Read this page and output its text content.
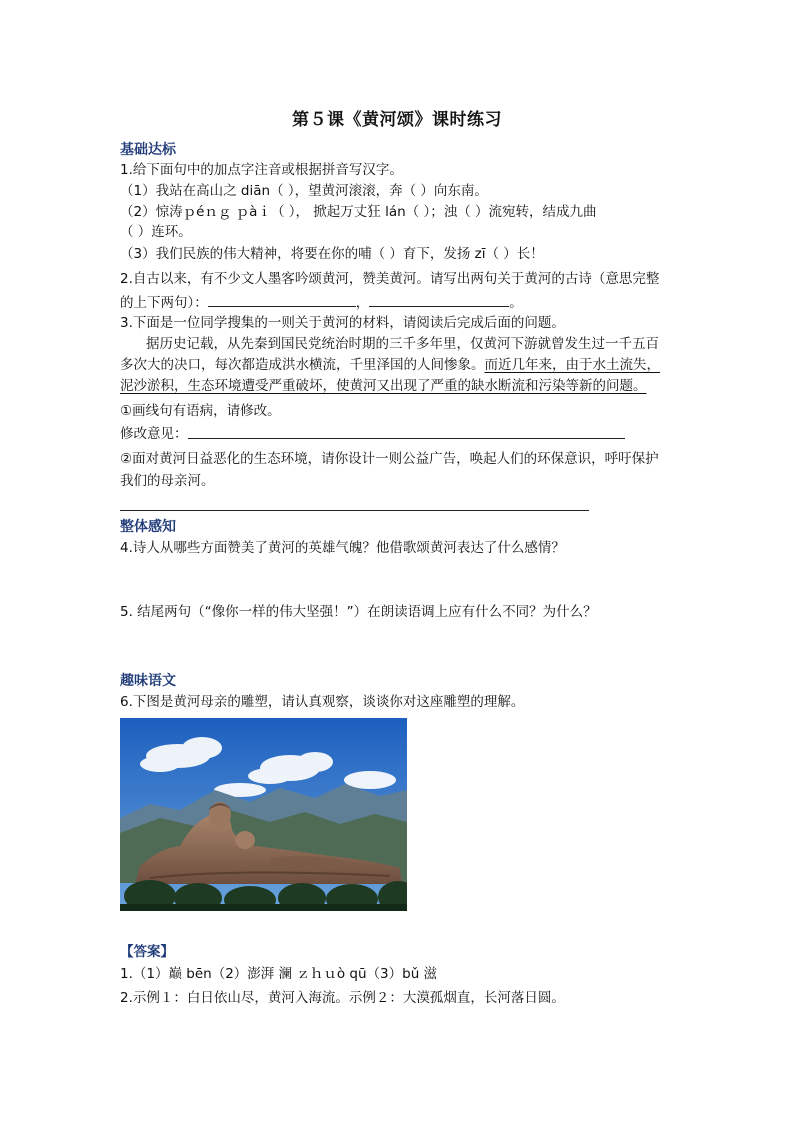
第５课《黄河颂》课时练习
基础达标
1.给下面句中的加点字注音或根据拼音写汉字。
（1）我站在高山之 diān（ ），望黄河滚滚，奔（ ）向东南。
（2）惊涛ｐéｎｇ ｐàｉ（ ）， 掀起万丈狂 lán（ ）；浊（ ）流宛转，结成九曲
（ ）连环。
（3）我们民族的伟大精神，将要在你的哺（ ）育下，发扬 zī（ ）长！
2.自古以来，有不少文人墨客吟颂黄河，赞美黄河。请写出两句关于黄河的古诗（意思完整
的上下两句）：	，	。
3.下面是一位同学搜集的一则关于黄河的材料，请阅读后完成后面的问题。
据历史记载，从先秦到国民党统治时期的三千多年里，仅黄河下游就曾发生过一千五百
多次大的决口，每次都造成洪水横流，千里泽国的人间惨象。而近几年来，由于水土流失，
泥沙淤积，生态环境遭受严重破坏，使黄河又出现了严重的缺水断流和污染等新的问题。
①画线句有语病，请修改。
修改意见：
②面对黄河日益恶化的生态环境，请你设计一则公益广告，唤起人们的环保意识，呼吁保护
我们的母亲河。
整体感知
4.诗人从哪些方面赞美了黄河的英雄气魄？他借歌颂黄河表达了什么感情？
5. 结尾两句（“像你一样的伟大坚强！”）在朗读语调上应有什么不同？为什么？
趣味语文
6.下图是黄河母亲的雕塑，请认真观察，谈谈你对这座雕塑的理解。
【答案】
1.（1）巅 bēn（2）澎湃 澜 ｚｈｕò qū（3）bǔ 滋
2.示例１：白日依山尽，黄河入海流。示例２：大漠孤烟直，长河落日圆。
